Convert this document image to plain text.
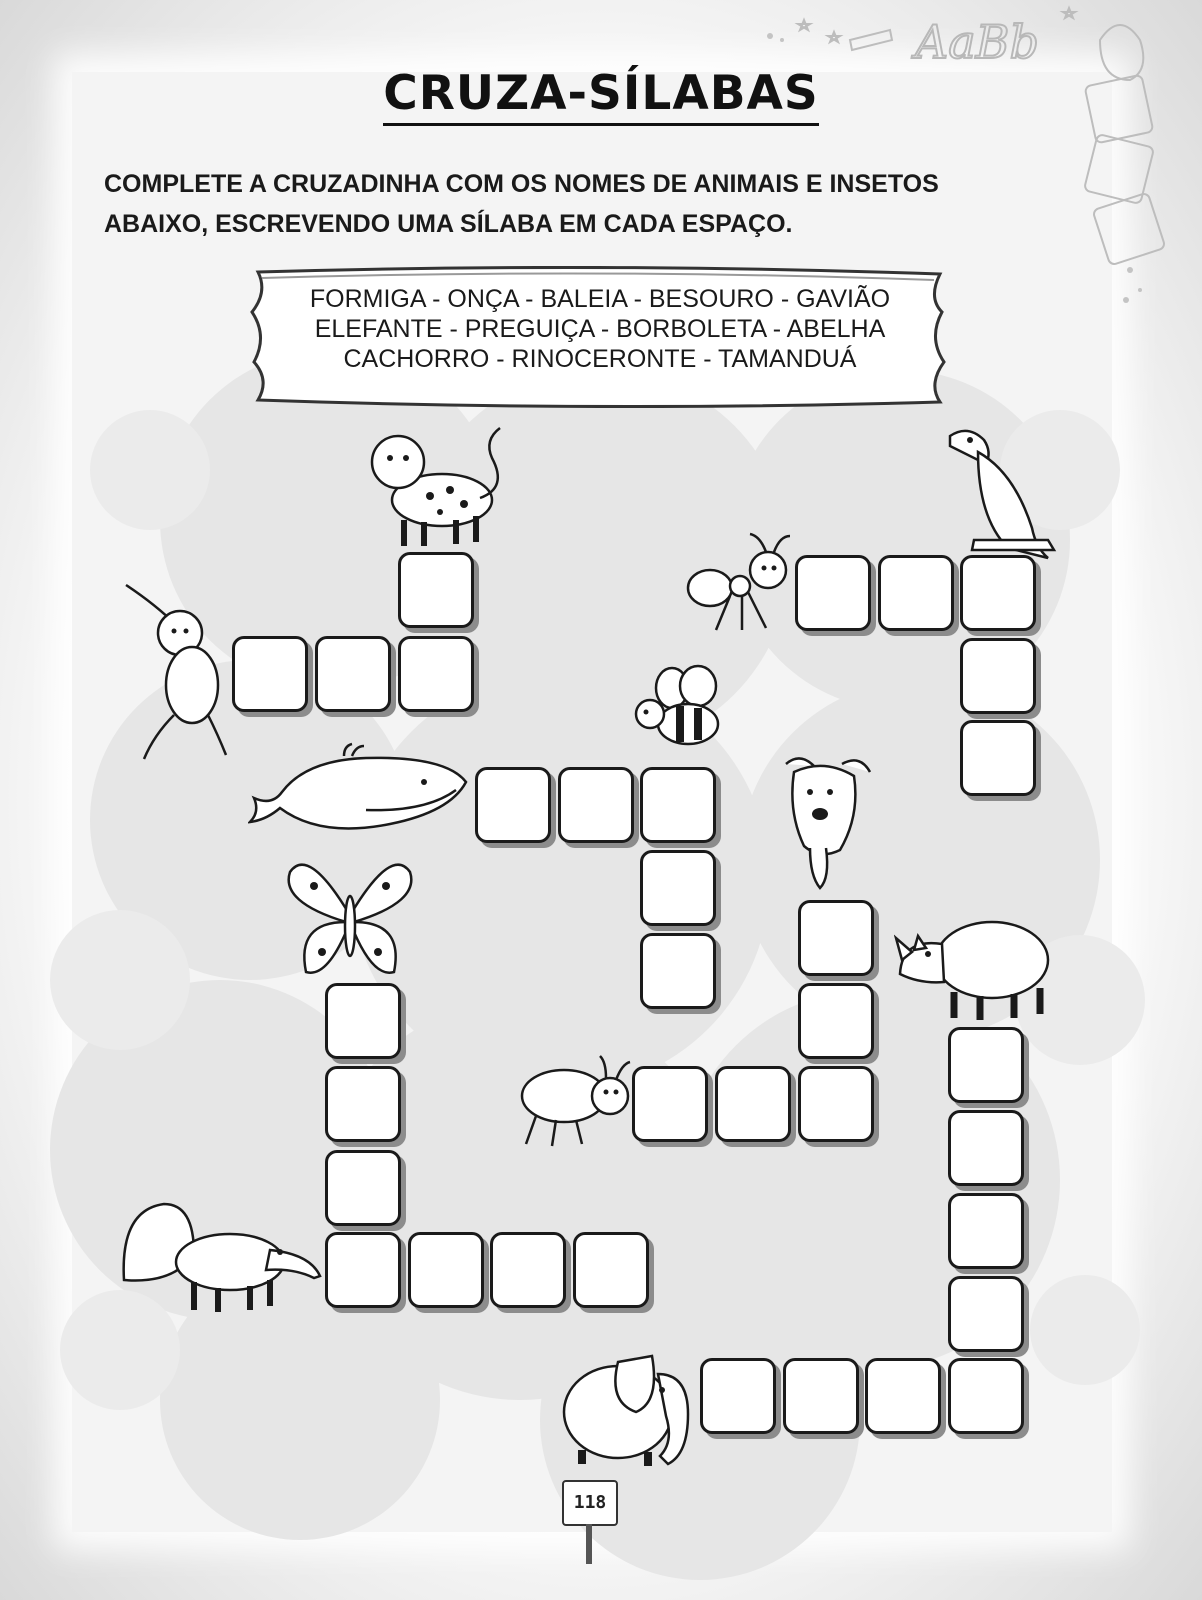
CRUZA-SÍLABAS
COMPLETE A CRUZADINHA COM OS NOMES DE ANIMAIS E INSETOS
ABAIXO, ESCREVENDO UMA SÍLABA EM CADA ESPAÇO.
FORMIGA - ONÇA - BALEIA - BESOURO - GAVIÃO
ELEFANTE - PREGUIÇA - BORBOLETA - ABELHA
CACHORRO - RINOCERONTE - TAMANDUÁ
AaBb
118
